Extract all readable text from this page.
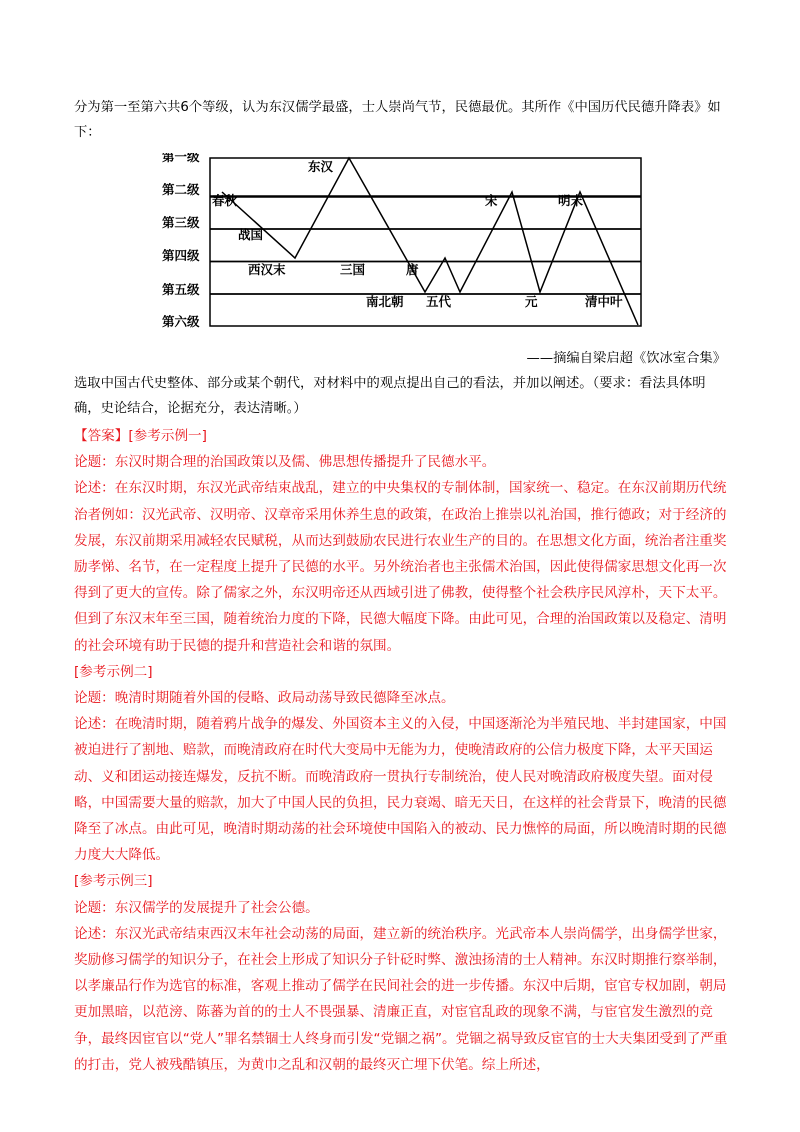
分为第一至第六共6个等级，认为东汉儒学最盛，士人崇尚气节，民德最优。其所作《中国历代民德升降表》如下：
第一级
第二级
第三级
第四级
第五级
第六级
东汉
春秋
战国
西汉末	三国	唐
南北朝 五代
宋	明末
元	清中叶
——摘编自梁启超《饮冰室合集》
选取中国古代史整体、部分或某个朝代，对材料中的观点提出自己的看法，并加以阐述。（要求：看法具体明确，史论结合，论据充分，表达清晰。）

【答案】[参考示例一]

论题：东汉时期合理的治国政策以及儒、佛思想传播提升了民德水平。

论述：在东汉时期，东汉光武帝结束战乱，建立的中央集权的专制体制，国家统一、稳定。在东汉前期历代统治者例如：汉光武帝、汉明帝、汉章帝采用休养生息的政策，在政治上推崇以礼治国，推行德政；对于经济的发展，东汉前期采用减轻农民赋税，从而达到鼓励农民进行农业生产的目的。在思想文化方面，统治者注重奖励孝悌、名节，在一定程度上提升了民德的水平。另外统治者也主张儒术治国，因此使得儒家思想文化再一次得到了更大的宣传。除了儒家之外，东汉明帝还从西域引进了佛教，使得整个社会秩序民风淳朴，天下太平。但到了东汉末年至三国，随着统治力度的下降，民德大幅度下降。由此可见，合理的治国政策以及稳定、清明的社会环境有助于民德的提升和营造社会和谐的氛围。

[参考示例二]

论题：晚清时期随着外国的侵略、政局动荡导致民德降至冰点。

论述：在晚清时期，随着鸦片战争的爆发、外国资本主义的入侵，中国逐渐沦为半殖民地、半封建国家，中国被迫进行了割地、赔款，而晚清政府在时代大变局中无能为力，使晚清政府的公信力极度下降，太平天国运动、义和团运动接连爆发，反抗不断。而晚清政府一贯执行专制统治，使人民对晚清政府极度失望。面对侵略，中国需要大量的赔款，加大了中国人民的负担，民力衰竭、暗无天日，在这样的社会背景下，晚清的民德降至了冰点。由此可见，晚清时期动荡的社会环境使中国陷入的被动、民力憔悴的局面，所以晚清时期的民德力度大大降低。

[参考示例三]

论题：东汉儒学的发展提升了社会公德。

论述：东汉光武帝结束西汉末年社会动荡的局面，建立新的统治秩序。光武帝本人崇尚儒学，出身儒学世家，奖励修习儒学的知识分子，在社会上形成了知识分子针砭时弊、激浊扬清的士人精神。东汉时期推行察举制，以孝廉品行作为选官的标准，客观上推动了儒学在民间社会的进一步传播。东汉中后期，宦官专权加剧，朝局更加黑暗，以范滂、陈蕃为首的的士人不畏强暴、清廉正直，对宦官乱政的现象不满，与宦官发生激烈的竞争，最终因宦官以“党人”罪名禁锢士人终身而引发“党锢之祸”。党锢之祸导致反宦官的士大夫集团受到了严重的打击，党人被残酷镇压，为黄巾之乱和汉朝的最终灭亡埋下伏笔。综上所述，
